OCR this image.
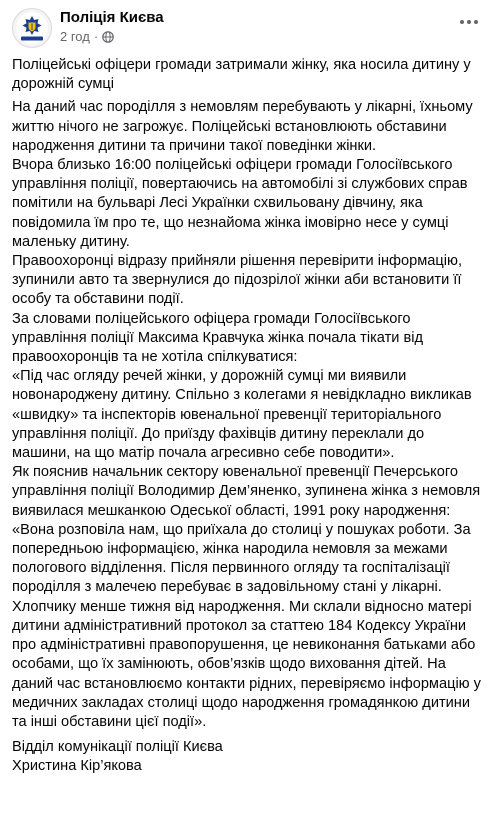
Поліція Києва
2 год ·

Поліцейські офіцери громади затримали жінку, яка носила дитину у дорожній сумці

На даний час породілля з немовлям перебувають у лікарні, їхньому життю нічого не загрожує. Поліцейські встановлюють обставини народження дитини та причини такої поведінки жінки.

Вчора близько 16:00 поліцейські офіцери громади Голосіївського управління поліції, повертаючись на автомобілі зі службових справ помітили на бульварі Лесі Українки схвильовану дівчину, яка повідомила їм про те, що незнайома жінка імовірно несе у сумці маленьку дитину.

Правоохоронці відразу прийняли рішення перевірити інформацію, зупинили авто та звернулися до підозрілої жінки аби встановити її особу та обставини події.

За словами поліцейського офіцера громади Голосіївського управління поліції Максима Кравчука жінка почала тікати від правоохоронців та не хотіла спілкуватися:

«Під час огляду речей жінки, у дорожній сумці ми виявили новонароджену дитину. Спільно з колегами я невідкладно викликав «швидку» та інспекторів ювенальної превенції територіального управління поліції. До приїзду фахівців дитину переклали до машини, на що матір почала агресивно себе поводити».

Як пояснив начальник сектору ювенальної превенції Печерського управління поліції Володимир Дем’яненко, зупинена жінка з немовля виявилася мешканкою Одеської області, 1991 року народження:

«Вона розповіла нам, що приїхала до столиці у пошуках роботи. За попередньою інформацією, жінка народила немовля за межами пологового відділення. Після первинного огляду та госпіталізації породілля з малечею перебуває в задовільному стані у лікарні. Хлопчику менше тижня від народження. Ми склали відносно матері дитини адміністративний протокол за статтею 184 Кодексу України про адміністративні правопорушення, це невиконання батьками або особами, що їх замінюють, обов’язків щодо виховання дітей. На даний час встановлюємо контакти рідних, перевіряємо інформацію у медичних закладах столиці щодо народження громадянкою дитини та інші обставини цієї події».

Відділ комунікації поліції Києва

Христина Кір’якова
